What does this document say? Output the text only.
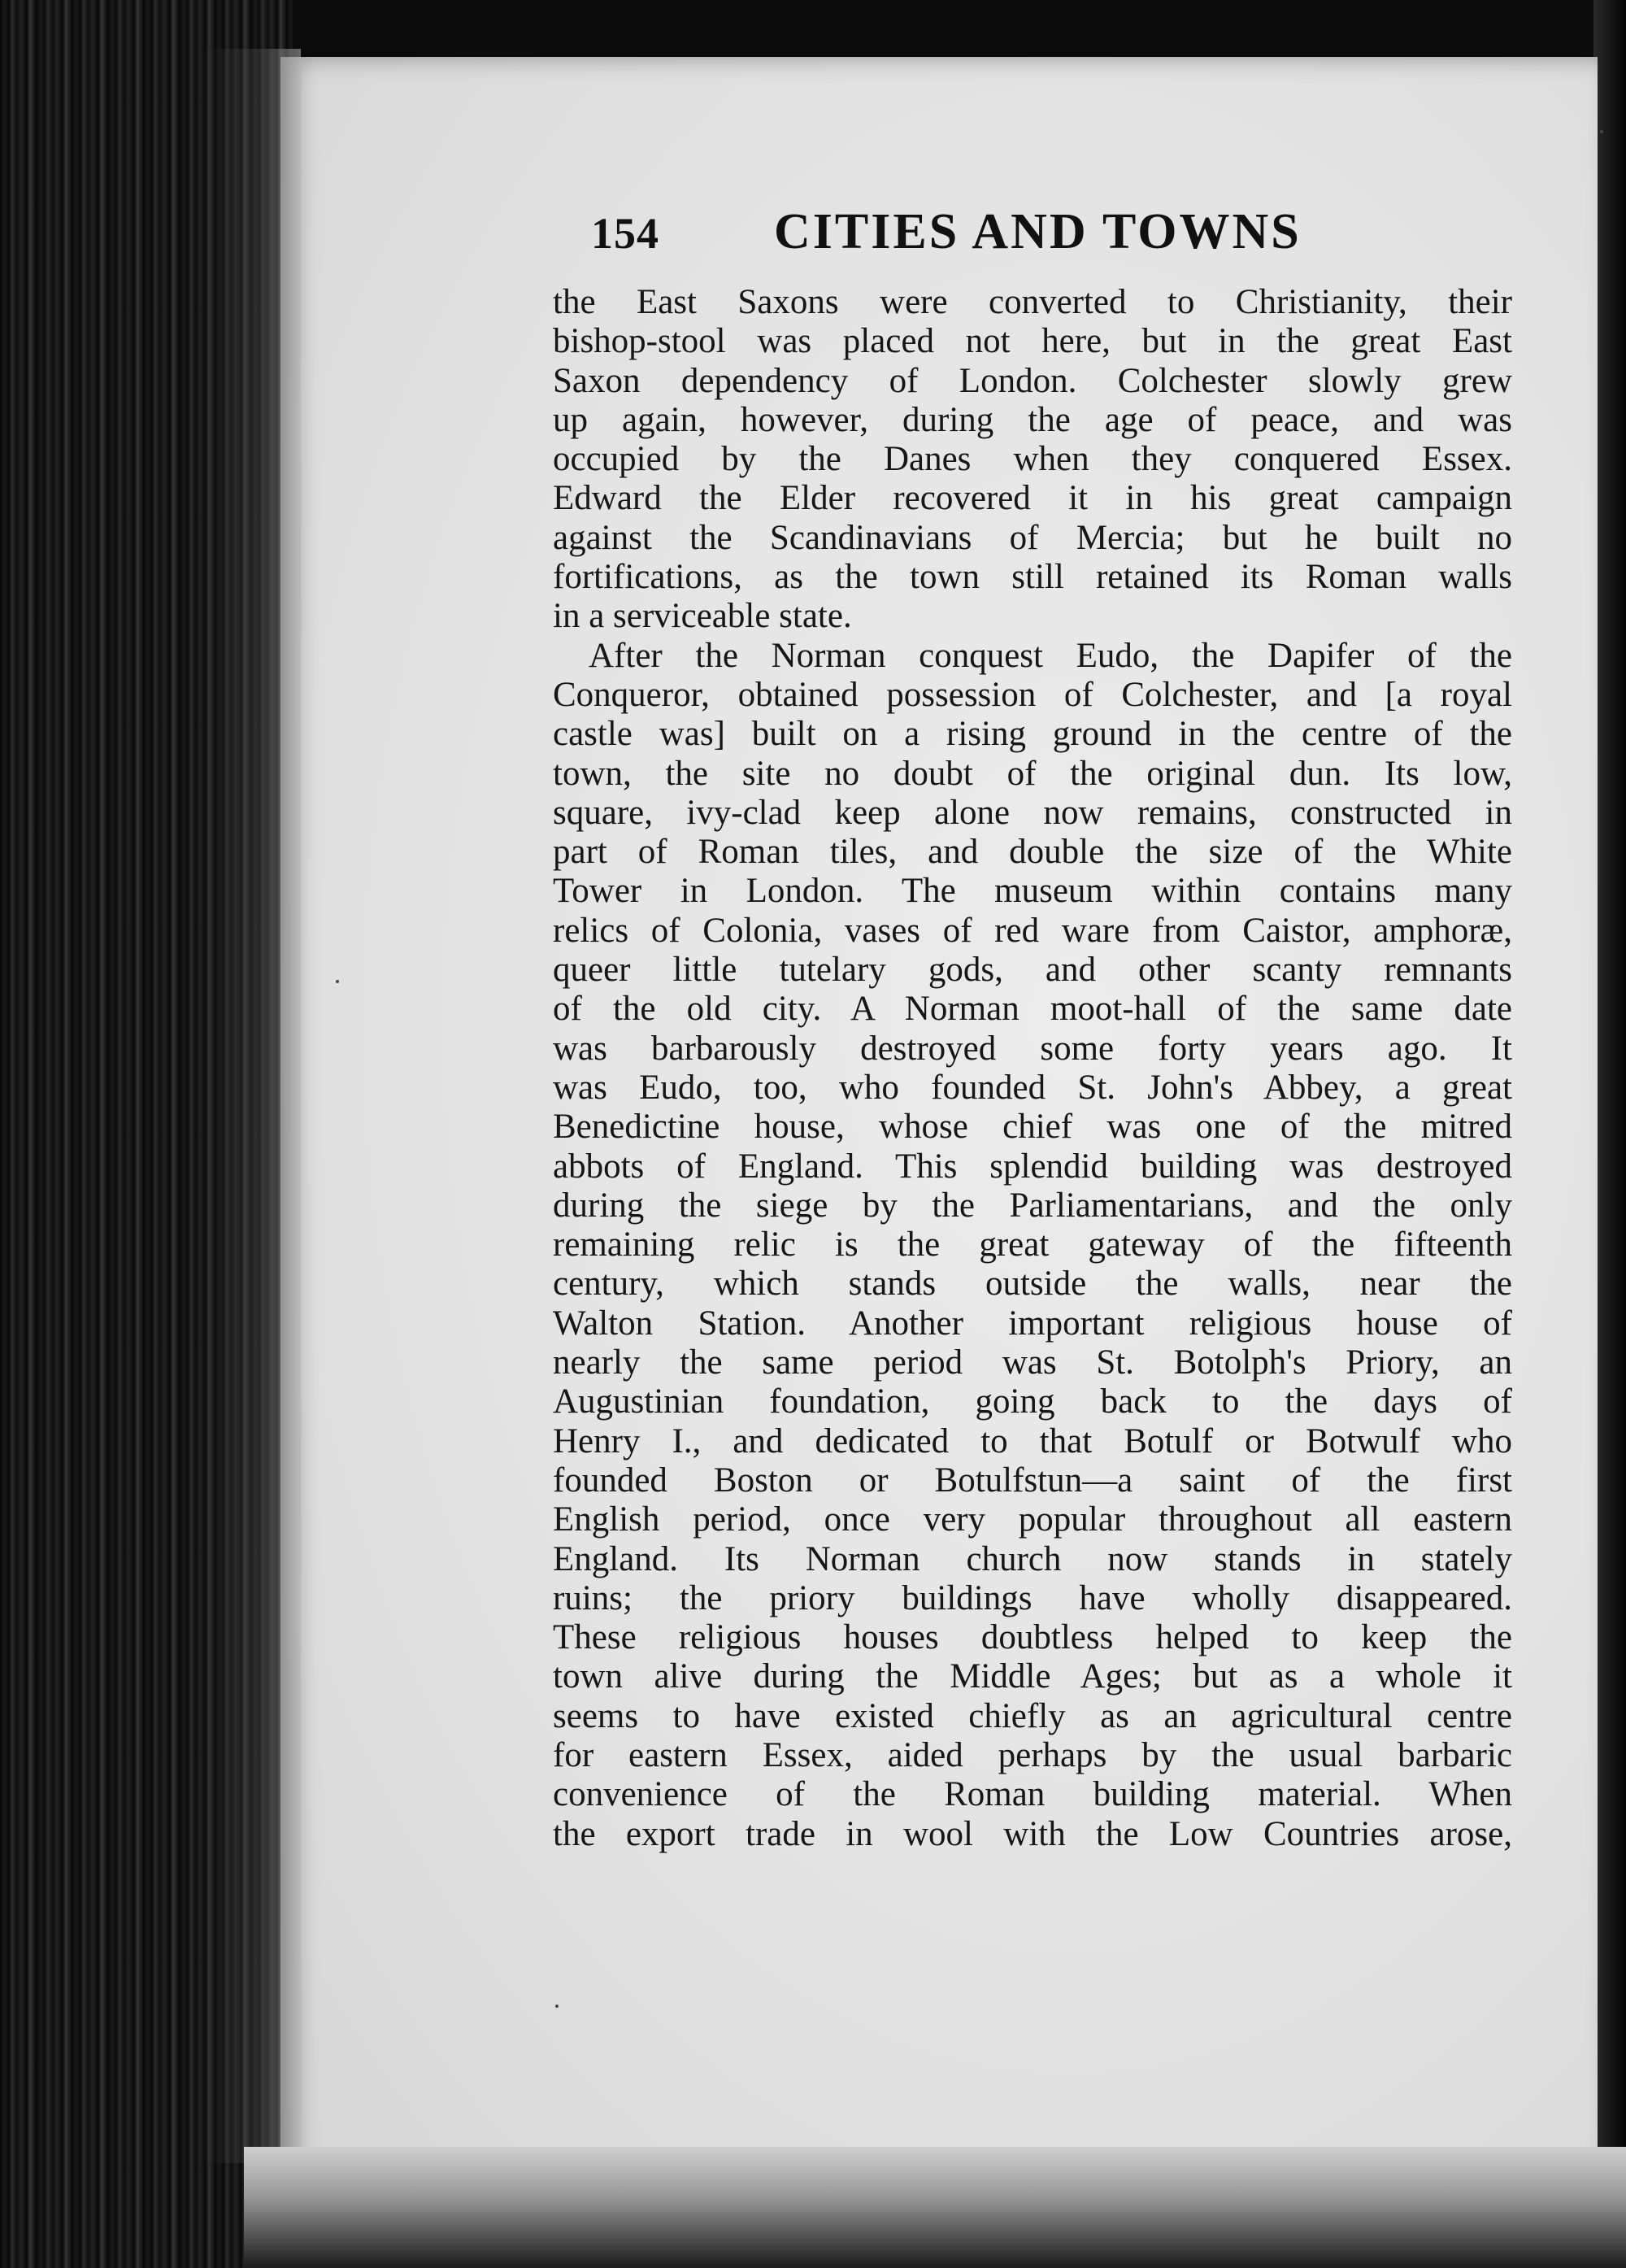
154 CITIES AND TOWNS
the East Saxons were converted to Christianity, their
bishop-stool was placed not here, but in the great East
Saxon dependency of London. Colchester slowly grew
up again, however, during the age of peace, and was
occupied by the Danes when they conquered Essex.
Edward the Elder recovered it in his great campaign
against the Scandinavians of Mercia; but he built no
fortifications, as the town still retained its Roman walls
in a serviceable state.
After the Norman conquest Eudo, the Dapifer of the
Conqueror, obtained possession of Colchester, and [a royal
castle was] built on a rising ground in the centre of the
town, the site no doubt of the original dun. Its low,
square, ivy-clad keep alone now remains, constructed in
part of Roman tiles, and double the size of the White
Tower in London. The museum within contains many
relics of Colonia, vases of red ware from Caistor, amphoræ,
queer little tutelary gods, and other scanty remnants
of the old city. A Norman moot-hall of the same date
was barbarously destroyed some forty years ago. It
was Eudo, too, who founded St. John's Abbey, a great
Benedictine house, whose chief was one of the mitred
abbots of England. This splendid building was destroyed
during the siege by the Parliamentarians, and the only
remaining relic is the great gateway of the fifteenth
century, which stands outside the walls, near the
Walton Station. Another important religious house of
nearly the same period was St. Botolph's Priory, an
Augustinian foundation, going back to the days of
Henry I., and dedicated to that Botulf or Botwulf who
founded Boston or Botulfstun—a saint of the first
English period, once very popular throughout all eastern
England. Its Norman church now stands in stately
ruins; the priory buildings have wholly disappeared.
These religious houses doubtless helped to keep the
town alive during the Middle Ages; but as a whole it
seems to have existed chiefly as an agricultural centre
for eastern Essex, aided perhaps by the usual barbaric
convenience of the Roman building material. When
the export trade in wool with the Low Countries arose,
